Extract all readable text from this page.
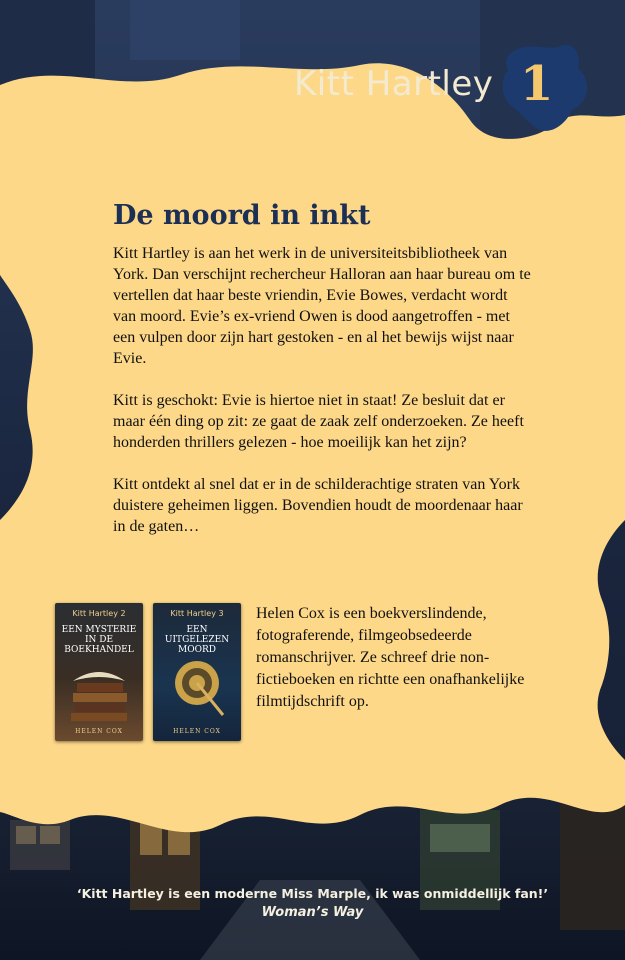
Kitt Hartley 1
De moord in inkt

Kitt Hartley is aan het werk in de universiteitsbibliotheek van York. Dan verschijnt rechercheur Halloran aan haar bureau om te vertellen dat haar beste vriendin, Evie Bowes, verdacht wordt van moord. Evie’s ex-vriend Owen is dood aangetroffen - met een vulpen door zijn hart gestoken - en al het bewijs wijst naar Evie.

Kitt is geschokt: Evie is hiertoe niet in staat! Ze besluit dat er maar één ding op zit: ze gaat de zaak zelf onderzoeken. Ze heeft honderden thrillers gelezen - hoe moeilijk kan het zijn?

Kitt ontdekt al snel dat er in de schilderachtige straten van York duistere geheimen liggen. Bovendien houdt de moordenaar haar in de gaten…

Kitt Hartley 2
EEN MYSTERIE IN DE BOEKHANDEL
HELEN COX
Kitt Hartley 3
EEN UITGELEZEN MOORD
HELEN COX
Helen Cox is een boekverslindende, fotograferende, filmgeobsedeerde romanschrijver. Ze schreef drie non-fictieboeken en richtte een onafhankelijke filmtijdschrift op.
‘Kitt Hartley is een moderne Miss Marple, ik was onmiddellijk fan!’
Woman’s Way
